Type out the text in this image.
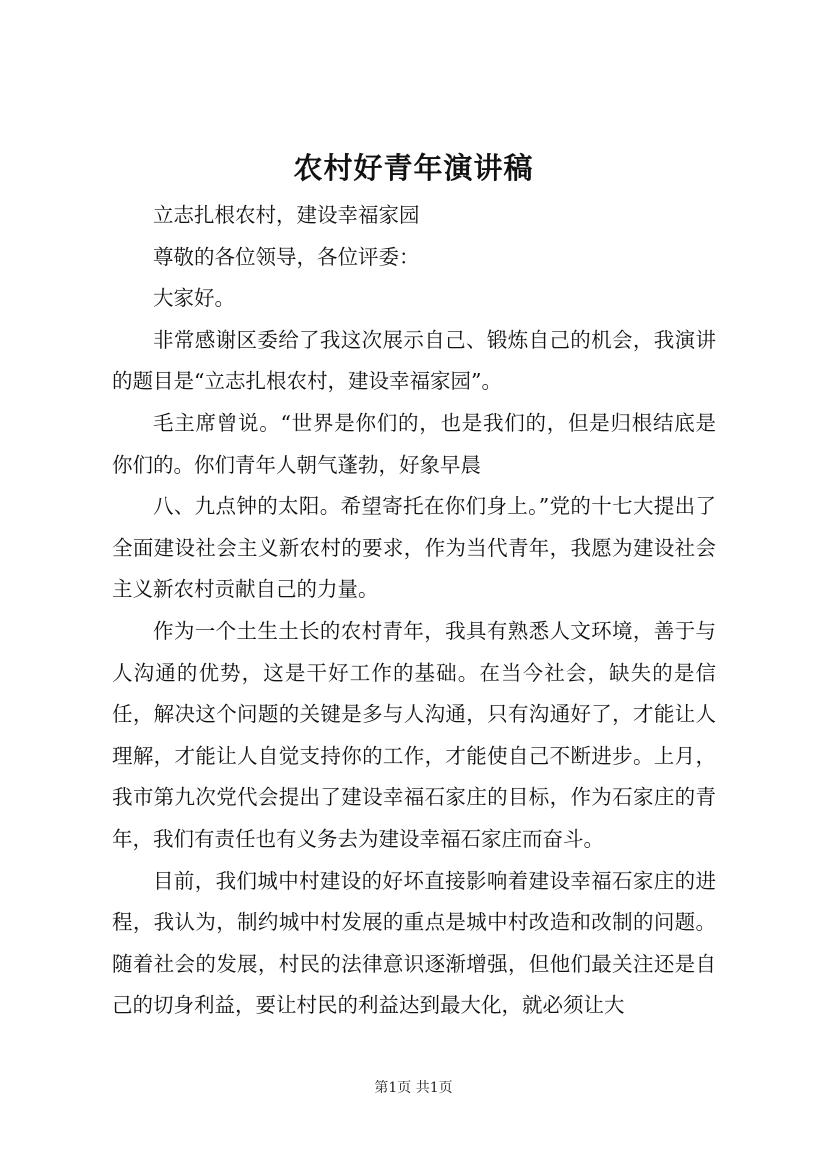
农村好青年演讲稿

立志扎根农村，建设幸福家园

尊敬的各位领导，各位评委：

大家好。

非常感谢区委给了我这次展示自己、锻炼自己的机会，我演讲的题目是“立志扎根农村，建设幸福家园”。

毛主席曾说。“世界是你们的，也是我们的，但是归根结底是你们的。你们青年人朝气蓬勃，好象早晨

八、九点钟的太阳。希望寄托在你们身上。”党的十七大提出了全面建设社会主义新农村的要求，作为当代青年，我愿为建设社会主义新农村贡献自己的力量。

作为一个土生土长的农村青年，我具有熟悉人文环境，善于与人沟通的优势，这是干好工作的基础。在当今社会，缺失的是信任，解决这个问题的关键是多与人沟通，只有沟通好了，才能让人理解，才能让人自觉支持你的工作，才能使自己不断进步。上月，我市第九次党代会提出了建设幸福石家庄的目标，作为石家庄的青年，我们有责任也有义务去为建设幸福石家庄而奋斗。

目前，我们城中村建设的好坏直接影响着建设幸福石家庄的进程，我认为，制约城中村发展的重点是城中村改造和改制的问题。随着社会的发展，村民的法律意识逐渐增强，但他们最关注还是自己的切身利益，要让村民的利益达到最大化，就必须让大

第1页 共1页
